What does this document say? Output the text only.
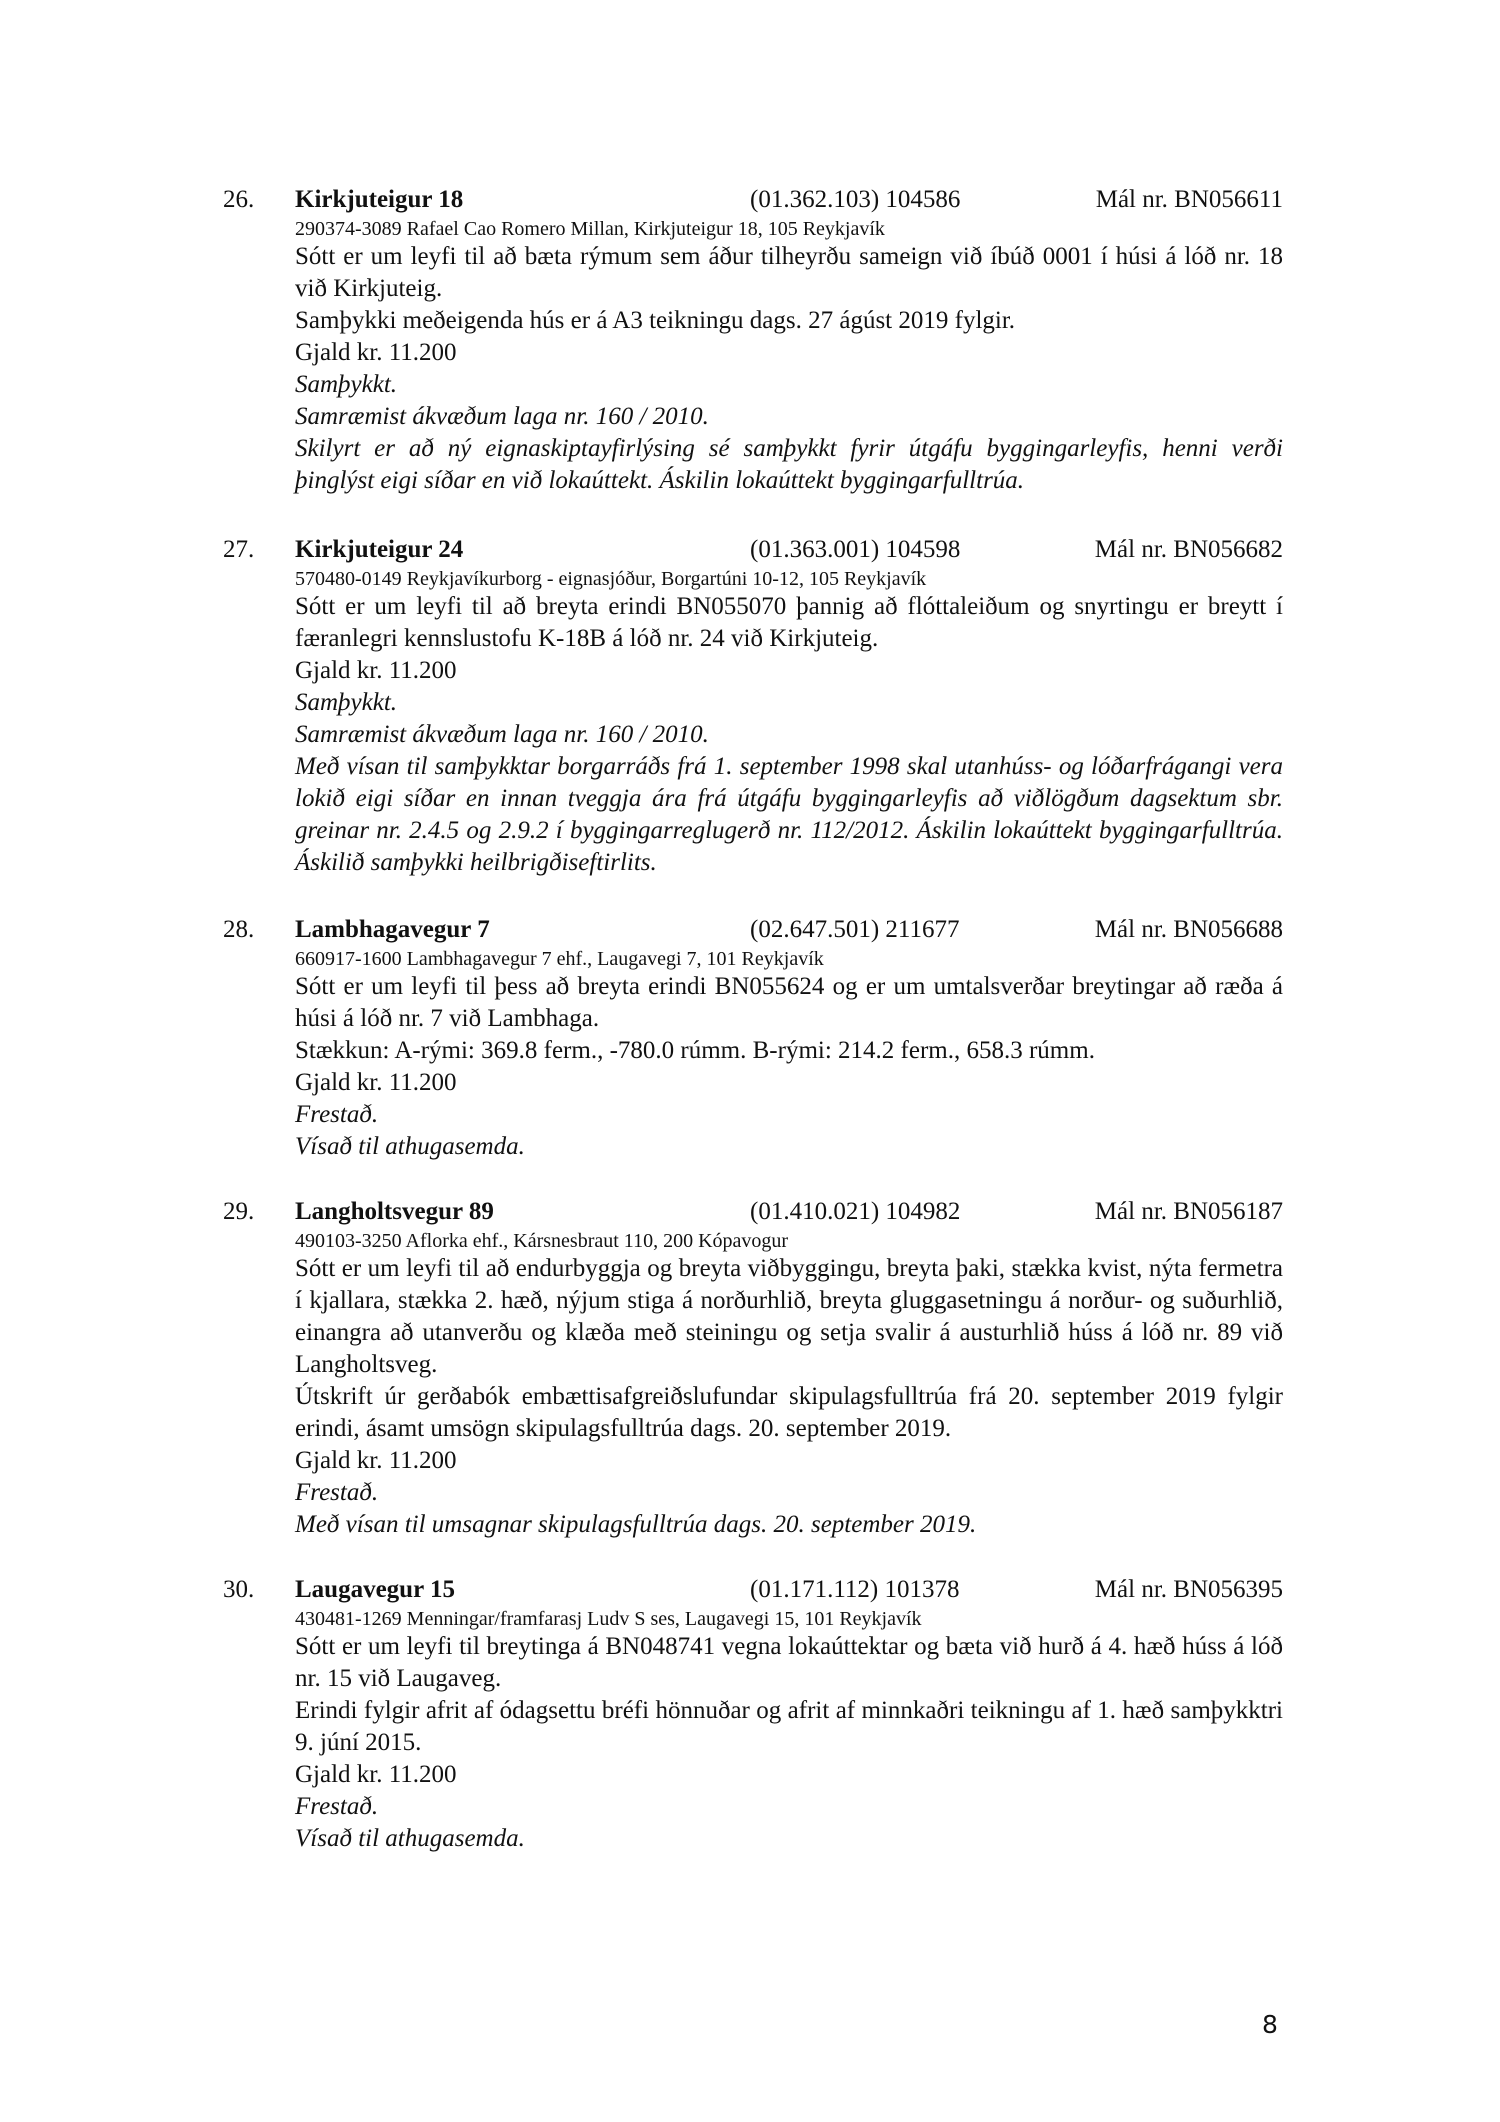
26. Kirkjuteigur 18	(01.362.103) 104586	Mál nr. BN056611
290374-3089 Rafael Cao Romero Millan, Kirkjuteigur 18, 105 Reykjavík

Sótt er um leyfi til að bæta rýmum sem áður tilheyrðu sameign við íbúð 0001 í húsi á lóð nr. 18 við Kirkjuteig.

Samþykki meðeigenda hús er á A3 teikningu dags. 27 ágúst 2019 fylgir.

Gjald kr. 11.200

Samþykkt.

Samræmist ákvæðum laga nr. 160 / 2010.

Skilyrt er að ný eignaskiptayfirlýsing sé samþykkt fyrir útgáfu byggingarleyfis, henni verði þinglýst eigi síðar en við lokaúttekt. Áskilin lokaúttekt byggingarfulltrúa.

27. Kirkjuteigur 24	(01.363.001) 104598	Mál nr. BN056682
570480-0149 Reykjavíkurborg - eignasjóður, Borgartúni 10-12, 105 Reykjavík

Sótt er um leyfi til að breyta erindi BN055070 þannig að flóttaleiðum og snyrtingu er breytt í færanlegri kennslustofu K-18B á lóð nr. 24 við Kirkjuteig.

Gjald kr. 11.200

Samþykkt.

Samræmist ákvæðum laga nr. 160 / 2010.

Með vísan til samþykktar borgarráðs frá 1. september 1998 skal utanhúss- og lóðarfrágangi vera lokið eigi síðar en innan tveggja ára frá útgáfu byggingarleyfis að viðlögðum dagsektum sbr. greinar nr. 2.4.5 og 2.9.2 í byggingarreglugerð nr. 112/2012. Áskilin lokaúttekt byggingarfulltrúa. Áskilið samþykki heilbrigðiseftirlits.

28. Lambhagavegur 7	(02.647.501) 211677	Mál nr. BN056688
660917-1600 Lambhagavegur 7 ehf., Laugavegi 7, 101 Reykjavík

Sótt er um leyfi til þess að breyta erindi BN055624 og er um umtalsverðar breytingar að ræða á húsi á lóð nr. 7 við Lambhaga.

Stækkun: A-rými: 369.8 ferm., -780.0 rúmm. B-rými: 214.2 ferm., 658.3 rúmm.

Gjald kr. 11.200

Frestað.

Vísað til athugasemda.

29. Langholtsvegur 89	(01.410.021) 104982	Mál nr. BN056187
490103-3250 Aflorka ehf., Kársnesbraut 110, 200 Kópavogur

Sótt er um leyfi til að endurbyggja og breyta viðbyggingu, breyta þaki, stækka kvist, nýta fermetra í kjallara, stækka 2. hæð, nýjum stiga á norðurhlið, breyta gluggasetningu á norður- og suðurhlið, einangra að utanverðu og klæða með steiningu og setja svalir á austurhlið húss á lóð nr. 89 við Langholtsveg.

Útskrift úr gerðabók embættisafgreiðslufundar skipulagsfulltrúa frá 20. september 2019 fylgir erindi, ásamt umsögn skipulagsfulltrúa dags. 20. september 2019.

Gjald kr. 11.200

Frestað.

Með vísan til umsagnar skipulagsfulltrúa dags. 20. september 2019.

30. Laugavegur 15	(01.171.112) 101378	Mál nr. BN056395
430481-1269 Menningar/framfarasj Ludv S ses, Laugavegi 15, 101 Reykjavík

Sótt er um leyfi til breytinga á BN048741 vegna lokaúttektar og bæta við hurð á 4. hæð húss á lóð nr. 15 við Laugaveg.

Erindi fylgir afrit af ódagsettu bréfi hönnuðar og afrit af minnkaðri teikningu af 1. hæð samþykktri 9. júní 2015.

Gjald kr. 11.200

Frestað.

Vísað til athugasemda.

8
